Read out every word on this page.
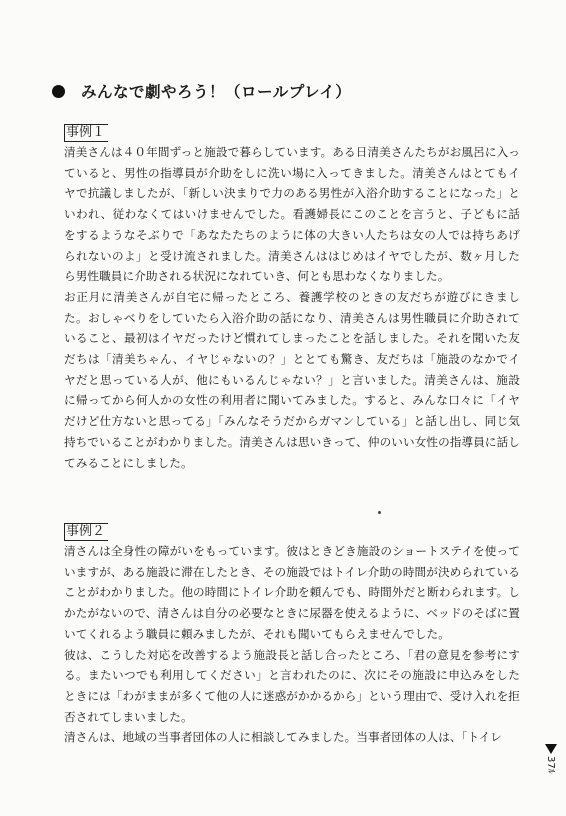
みんなで劇やろう！（ロールプレイ）
事例１

清美さんは４０年間ずっと施設で暮らしています。ある日清美さんたちがお風呂に入っていると、男性の指導員が介助をしに洗い場に入ってきました。清美さんはとてもイヤで抗議しましたが、「新しい決まりで力のある男性が入浴介助することになった」といわれ、従わなくてはいけませんでした。看護婦長にこのことを言うと、子どもに話をするようなそぶりで「あなたたちのように体の大きい人たちは女の人では持ちあげられないのよ」と受け流されました。清美さんははじめはイヤでしたが、数ヶ月したら男性職員に介助される状況になれていき、何とも思わなくなりました。

お正月に清美さんが自宅に帰ったところ、養護学校のときの友だちが遊びにきました。おしゃべりをしていたら入浴介助の話になり、清美さんは男性職員に介助されていること、最初はイヤだったけど慣れてしまったことを話しました。それを聞いた友だちは「清美ちゃん、イヤじゃないの？」ととても驚き、友だちは「施設のなかでイヤだと思っている人が、他にもいるんじゃない？」と言いました。清美さんは、施設に帰ってから何人かの女性の利用者に聞いてみました。すると、みんな口々に「イヤだけど仕方ないと思ってる」「みんなそうだからガマンしている」と話し出し、同じ気持ちでいることがわかりました。清美さんは思いきって、仲のいい女性の指導員に話してみることにしました。

事例２

清さんは全身性の障がいをもっています。彼はときどき施設のショートステイを使っていますが、ある施設に滞在したとき、その施設ではトイレ介助の時間が決められていることがわかりました。他の時間にトイレ介助を頼んでも、時間外だと断わられます。しかたがないので、清さんは自分の必要なときに尿器を使えるように、ベッドのそばに置いてくれるよう職員に頼みましたが、それも聞いてもらえませんでした。

彼は、こうした対応を改善するよう施設長と話し合ったところ、「君の意見を参考にする。またいつでも利用してください」と言われたのに、次にその施設に申込みをしたときには「わがままが多くて他の人に迷惑がかかるから」という理由で、受け入れを拒否されてしまいました。

清さんは、地域の当事者団体の人に相談してみました。当事者団体の人は、「トイレ

37ﾙ
